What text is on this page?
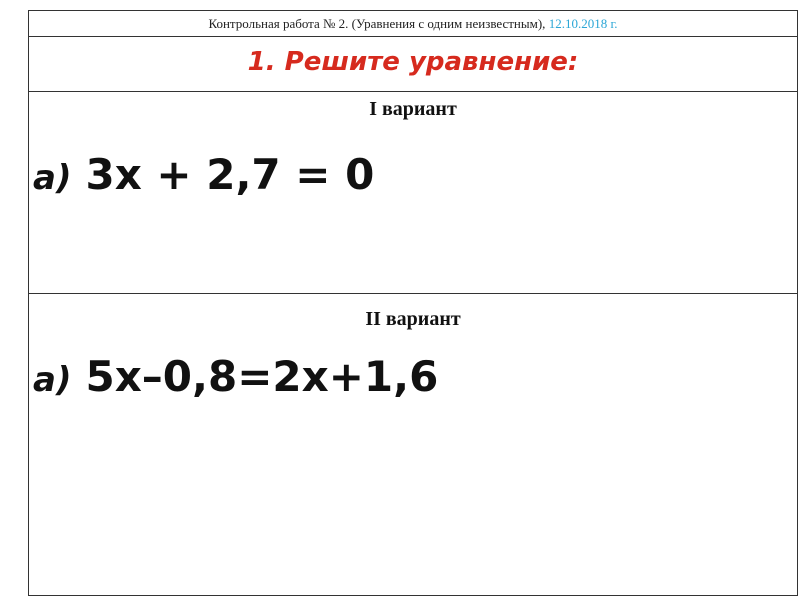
Контрольная работа № 2. (Уравнения с одним неизвестным), 12.10.2018 г.
1. Решите уравнение:
I вариант
а) 3х + 2,7 = 0
II вариант
а) 5х–0,8=2х+1,6
